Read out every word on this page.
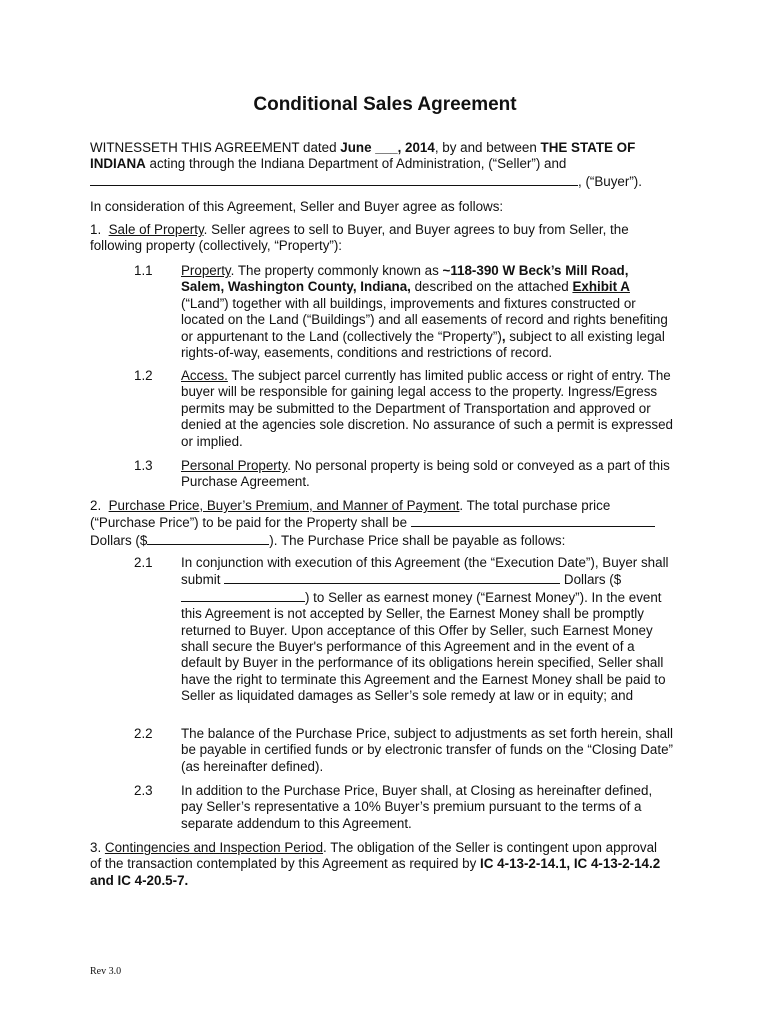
Conditional Sales Agreement
WITNESSETH THIS AGREEMENT dated June ___, 2014, by and between THE STATE OF INDIANA acting through the Indiana Department of Administration, (“Seller”) and
, (“Buyer”).
In consideration of this Agreement, Seller and Buyer agree as follows:
1. Sale of Property. Seller agrees to sell to Buyer, and Buyer agrees to buy from Seller, the following property (collectively, “Property”):
1.1	Property. The property commonly known as ~118-390 W Beck’s Mill Road, Salem, Washington County, Indiana, described on the attached Exhibit A (“Land”) together with all buildings, improvements and fixtures constructed or located on the Land (“Buildings”) and all easements of record and rights benefiting or appurtenant to the Land (collectively the “Property”), subject to all existing legal rights-of-way, easements, conditions and restrictions of record.
1.2	Access. The subject parcel currently has limited public access or right of entry. The buyer will be responsible for gaining legal access to the property. Ingress/Egress permits may be submitted to the Department of Transportation and approved or denied at the agencies sole discretion. No assurance of such a permit is expressed or implied.
1.3	Personal Property. No personal property is being sold or conveyed as a part of this Purchase Agreement.
2. Purchase Price, Buyer’s Premium, and Manner of Payment. The total purchase price (“Purchase Price”) to be paid for the Property shall be
Dollars ($	). The Purchase Price shall be payable as follows:
2.1	In conjunction with execution of this Agreement (the “Execution Date”), Buyer shall submit	Dollars ($) to Seller as earnest money (“Earnest Money”). In the event this Agreement is not accepted by Seller, the Earnest Money shall be promptly returned to Buyer. Upon acceptance of this Offer by Seller, such Earnest Money shall secure the Buyer's performance of this Agreement and in the event of a default by Buyer in the performance of its obligations herein specified, Seller shall have the right to terminate this Agreement and the Earnest Money shall be paid to Seller as liquidated damages as Seller’s sole remedy at law or in equity; and
2.2	The balance of the Purchase Price, subject to adjustments as set forth herein, shall be payable in certified funds or by electronic transfer of funds on the “Closing Date” (as hereinafter defined).
2.3	In addition to the Purchase Price, Buyer shall, at Closing as hereinafter defined, pay Seller’s representative a 10% Buyer’s premium pursuant to the terms of a separate addendum to this Agreement.
3. Contingencies and Inspection Period. The obligation of the Seller is contingent upon approval of the transaction contemplated by this Agreement as required by IC 4-13-2-14.1, IC 4-13-2-14.2 and IC 4-20.5-7.
Rev 3.0
